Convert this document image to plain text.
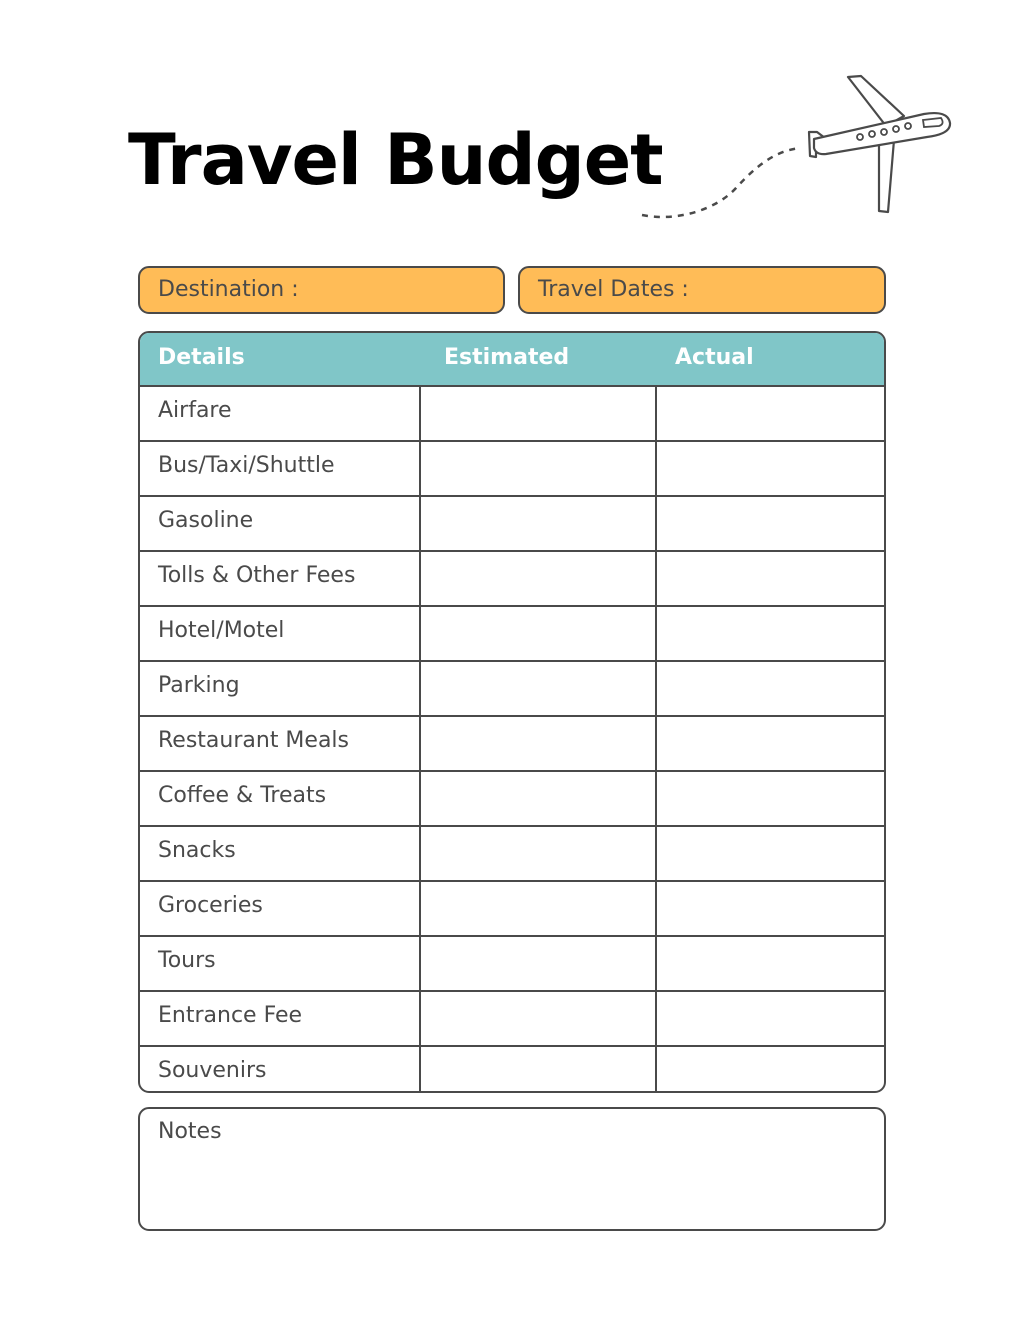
Travel Budget
Destination :	Travel Dates :
Details	Estimated	Actual
Airfare
Bus/Taxi/Shuttle
Gasoline
Tolls & Other Fees
Hotel/Motel
Parking
Restaurant Meals
Coffee & Treats
Snacks
Groceries
Tours
Entrance Fee
Souvenirs
Notes
